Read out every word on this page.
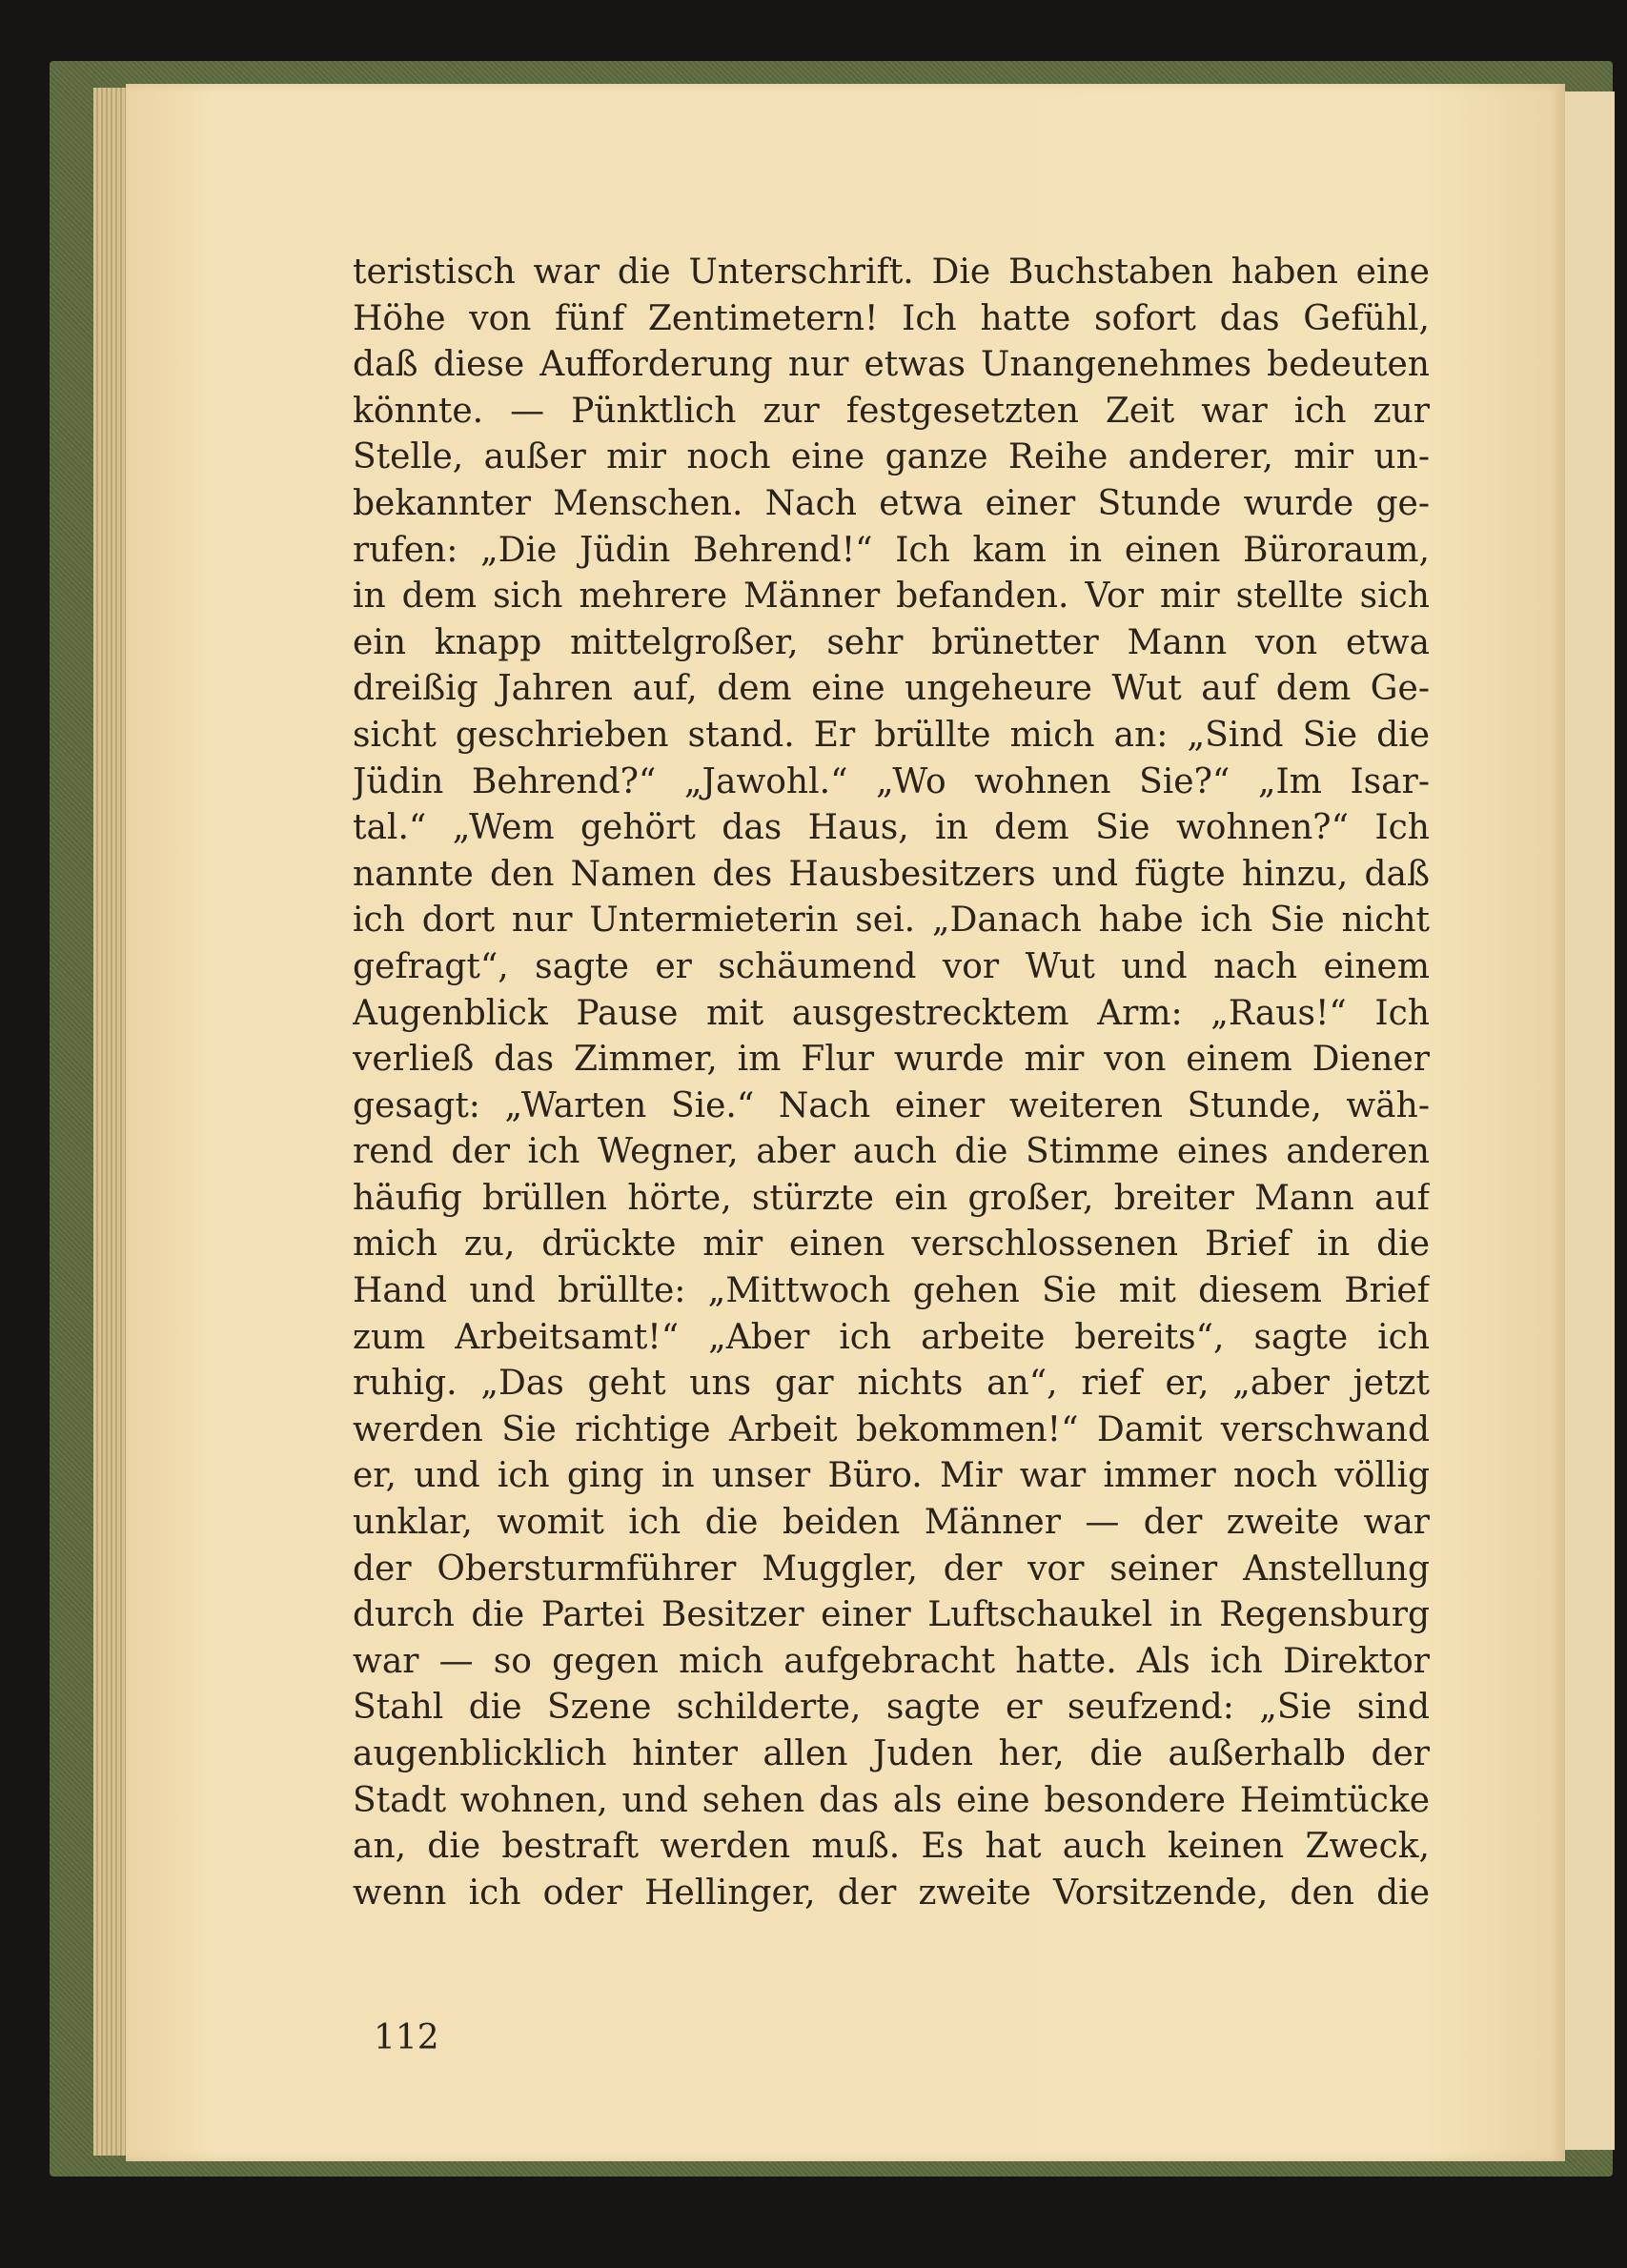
teristisch war die Unterschrift. Die Buchstaben haben eine
Höhe von fünf Zentimetern! Ich hatte sofort das Gefühl,
daß diese Aufforderung nur etwas Unangenehmes bedeuten
könnte. — Pünktlich zur festgesetzten Zeit war ich zur
Stelle, außer mir noch eine ganze Reihe anderer, mir un-
bekannter Menschen. Nach etwa einer Stunde wurde ge-
rufen: „Die Jüdin Behrend!“ Ich kam in einen Büroraum,
in dem sich mehrere Männer befanden. Vor mir stellte sich
ein knapp mittelgroßer, sehr brünetter Mann von etwa
dreißig Jahren auf, dem eine ungeheure Wut auf dem Ge-
sicht geschrieben stand. Er brüllte mich an: „Sind Sie die
Jüdin Behrend?“ „Jawohl.“ „Wo wohnen Sie?“ „Im Isar-
tal.“ „Wem gehört das Haus, in dem Sie wohnen?“ Ich
nannte den Namen des Hausbesitzers und fügte hinzu, daß
ich dort nur Untermieterin sei. „Danach habe ich Sie nicht
gefragt“, sagte er schäumend vor Wut und nach einem
Augenblick Pause mit ausgestrecktem Arm: „Raus!“ Ich
verließ das Zimmer, im Flur wurde mir von einem Diener
gesagt: „Warten Sie.“ Nach einer weiteren Stunde, wäh-
rend der ich Wegner, aber auch die Stimme eines anderen
häufig brüllen hörte, stürzte ein großer, breiter Mann auf
mich zu, drückte mir einen verschlossenen Brief in die
Hand und brüllte: „Mittwoch gehen Sie mit diesem Brief
zum Arbeitsamt!“ „Aber ich arbeite bereits“, sagte ich
ruhig. „Das geht uns gar nichts an“, rief er, „aber jetzt
werden Sie richtige Arbeit bekommen!“ Damit verschwand
er, und ich ging in unser Büro. Mir war immer noch völlig
unklar, womit ich die beiden Männer — der zweite war
der Obersturmführer Muggler, der vor seiner Anstellung
durch die Partei Besitzer einer Luftschaukel in Regensburg
war — so gegen mich aufgebracht hatte. Als ich Direktor
Stahl die Szene schilderte, sagte er seufzend: „Sie sind
augenblicklich hinter allen Juden her, die außerhalb der
Stadt wohnen, und sehen das als eine besondere Heimtücke
an, die bestraft werden muß. Es hat auch keinen Zweck,
wenn ich oder Hellinger, der zweite Vorsitzende, den die
112
